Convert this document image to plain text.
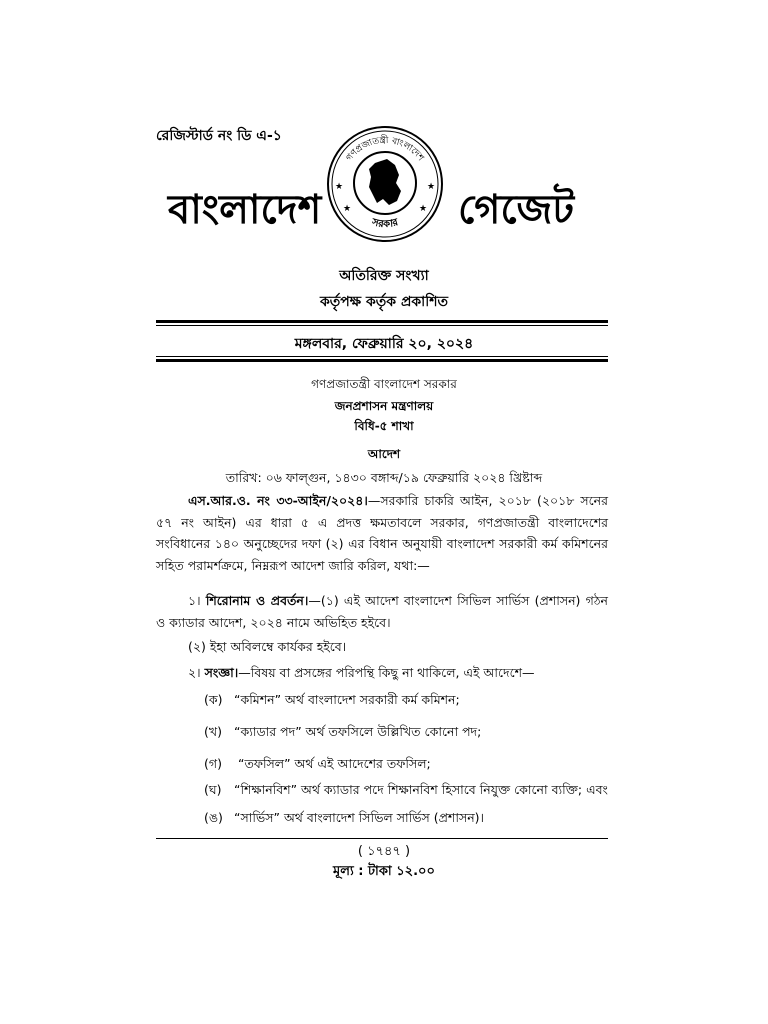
রেজিস্টার্ড নং ডি এ-১
বাংলাদেশ
গণপ্রজাতন্ত্রী বাংলাদেশ
সরকার
★	★
★	★ গেজেট
অতিরিক্ত সংখ্যা
কর্তৃপক্ষ কর্তৃক প্রকাশিত
মঙ্গলবার, ফেব্রুয়ারি ২০, ২০২৪
গণপ্রজাতন্ত্রী বাংলাদেশ সরকার
জনপ্রশাসন মন্ত্রণালয়
বিধি-৫ শাখা
আদেশ
তারিখ: ০৬ ফাল্গুন, ১৪৩০ বঙ্গাব্দ/১৯ ফেব্রুয়ারি ২০২৪ খ্রিষ্টাব্দ
এস.আর.ও. নং ৩৩-আইন/২০২৪।—সরকারি চাকরি আইন, ২০১৮ (২০১৮ সনের ৫৭ নং আইন) এর ধারা ৫ এ প্রদত্ত ক্ষমতাবলে সরকার, গণপ্রজাতন্ত্রী বাংলাদেশের সংবিধানের ১৪০ অনুচ্ছেদের দফা (২) এর বিধান অনুযায়ী বাংলাদেশ সরকারী কর্ম কমিশনের সহিত পরামর্শক্রমে, নিম্নরূপ আদেশ জারি করিল, যথা:—
১। শিরোনাম ও প্রবর্তন।—(১) এই আদেশ বাংলাদেশ সিভিল সার্ভিস (প্রশাসন) গঠন ও ক্যাডার আদেশ, ২০২৪ নামে অভিহিত হইবে।
(২) ইহা অবিলম্বে কার্যকর হইবে।
২। সংজ্ঞা।—বিষয় বা প্রসঙ্গের পরিপন্থি কিছু না থাকিলে, এই আদেশে—
(ক) “কমিশন” অর্থ বাংলাদেশ সরকারী কর্ম কমিশন;
(খ) “ক্যাডার পদ” অর্থ তফসিলে উল্লিখিত কোনো পদ;
(গ) “তফসিল” অর্থ এই আদেশের তফসিল;
(ঘ) “শিক্ষানবিশ” অর্থ ক্যাডার পদে শিক্ষানবিশ হিসাবে নিযুক্ত কোনো ব্যক্তি; এবং
(ঙ) “সার্ভিস” অর্থ বাংলাদেশ সিভিল সার্ভিস (প্রশাসন)।
( ১৭৪৭ )
মূল্য : টাকা ১২.০০
